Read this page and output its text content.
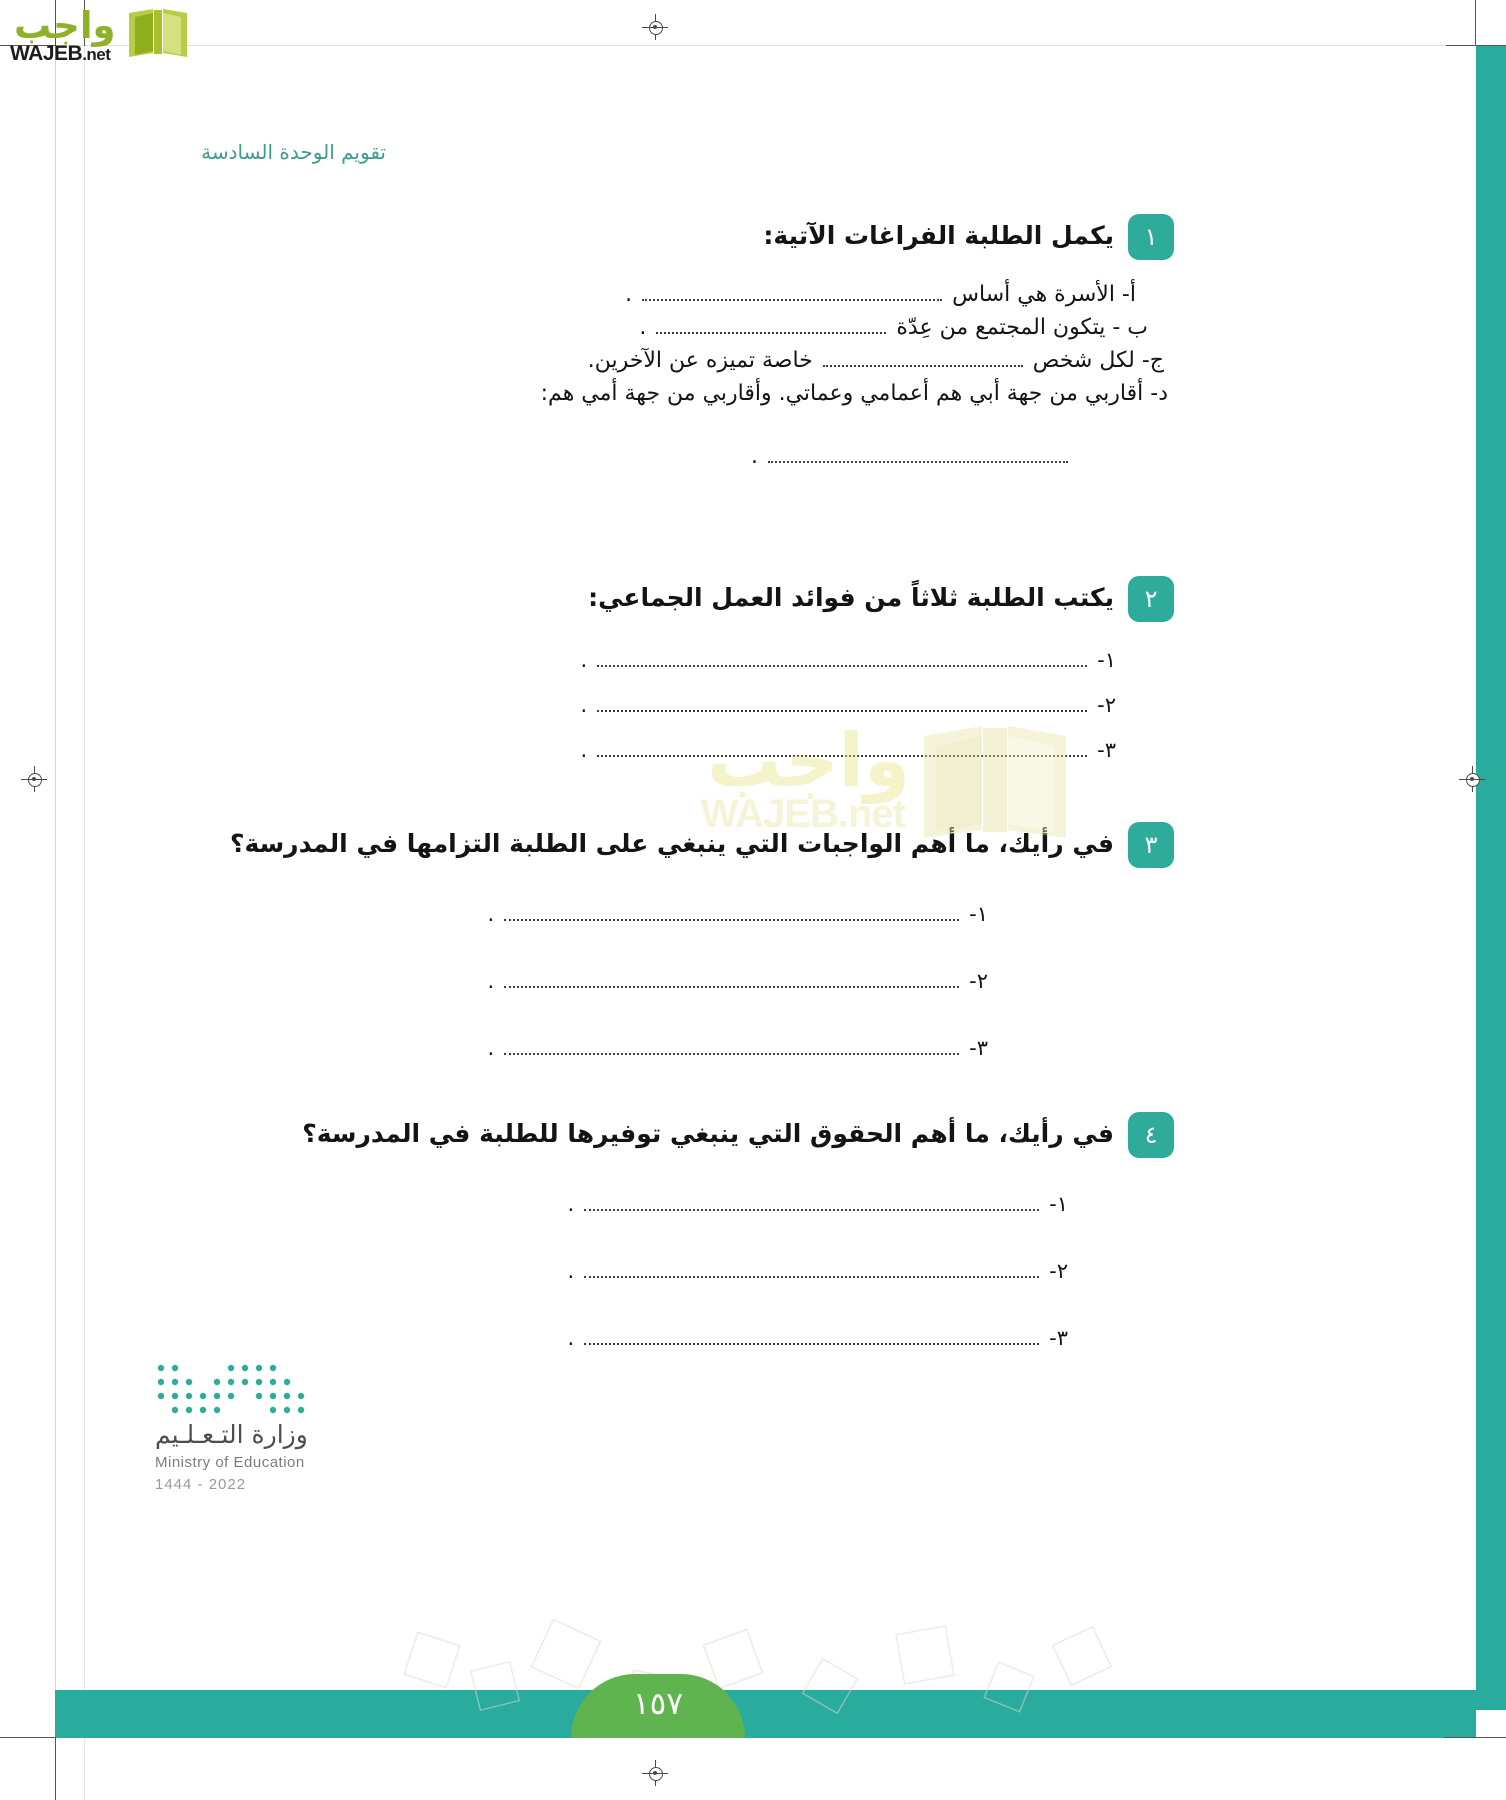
واجب
WAJEB.net
تقويم الوحدة السادسة
١
يكمل الطلبة الفراغات الآتية:
أ- الأسرة هي أساس
.
ب - يتكون المجتمع من عِدّة
.
ج- لكل شخص
خاصة تميزه عن الآخرين.
د- أقاربي من جهة أبي هم أعمامي وعماتي. وأقاربي من جهة أمي هم:
.
٢
يكتب الطلبة ثلاثاً من فوائد العمل الجماعي:
١-
.
٢-
.
٣-
.
٣
في رأيك، ما أهم الواجبات التي ينبغي على الطلبة التزامها في المدرسة؟
١-
.
٢-
.
٣-
.
٤
في رأيك، ما أهم الحقوق التي ينبغي توفيرها للطلبة في المدرسة؟
١-
.
٢-
.
٣-
.
واجب
WAJEB.net
وزارة التـعـلـيم
Ministry of Education
2022 - 1444
١٥٧
